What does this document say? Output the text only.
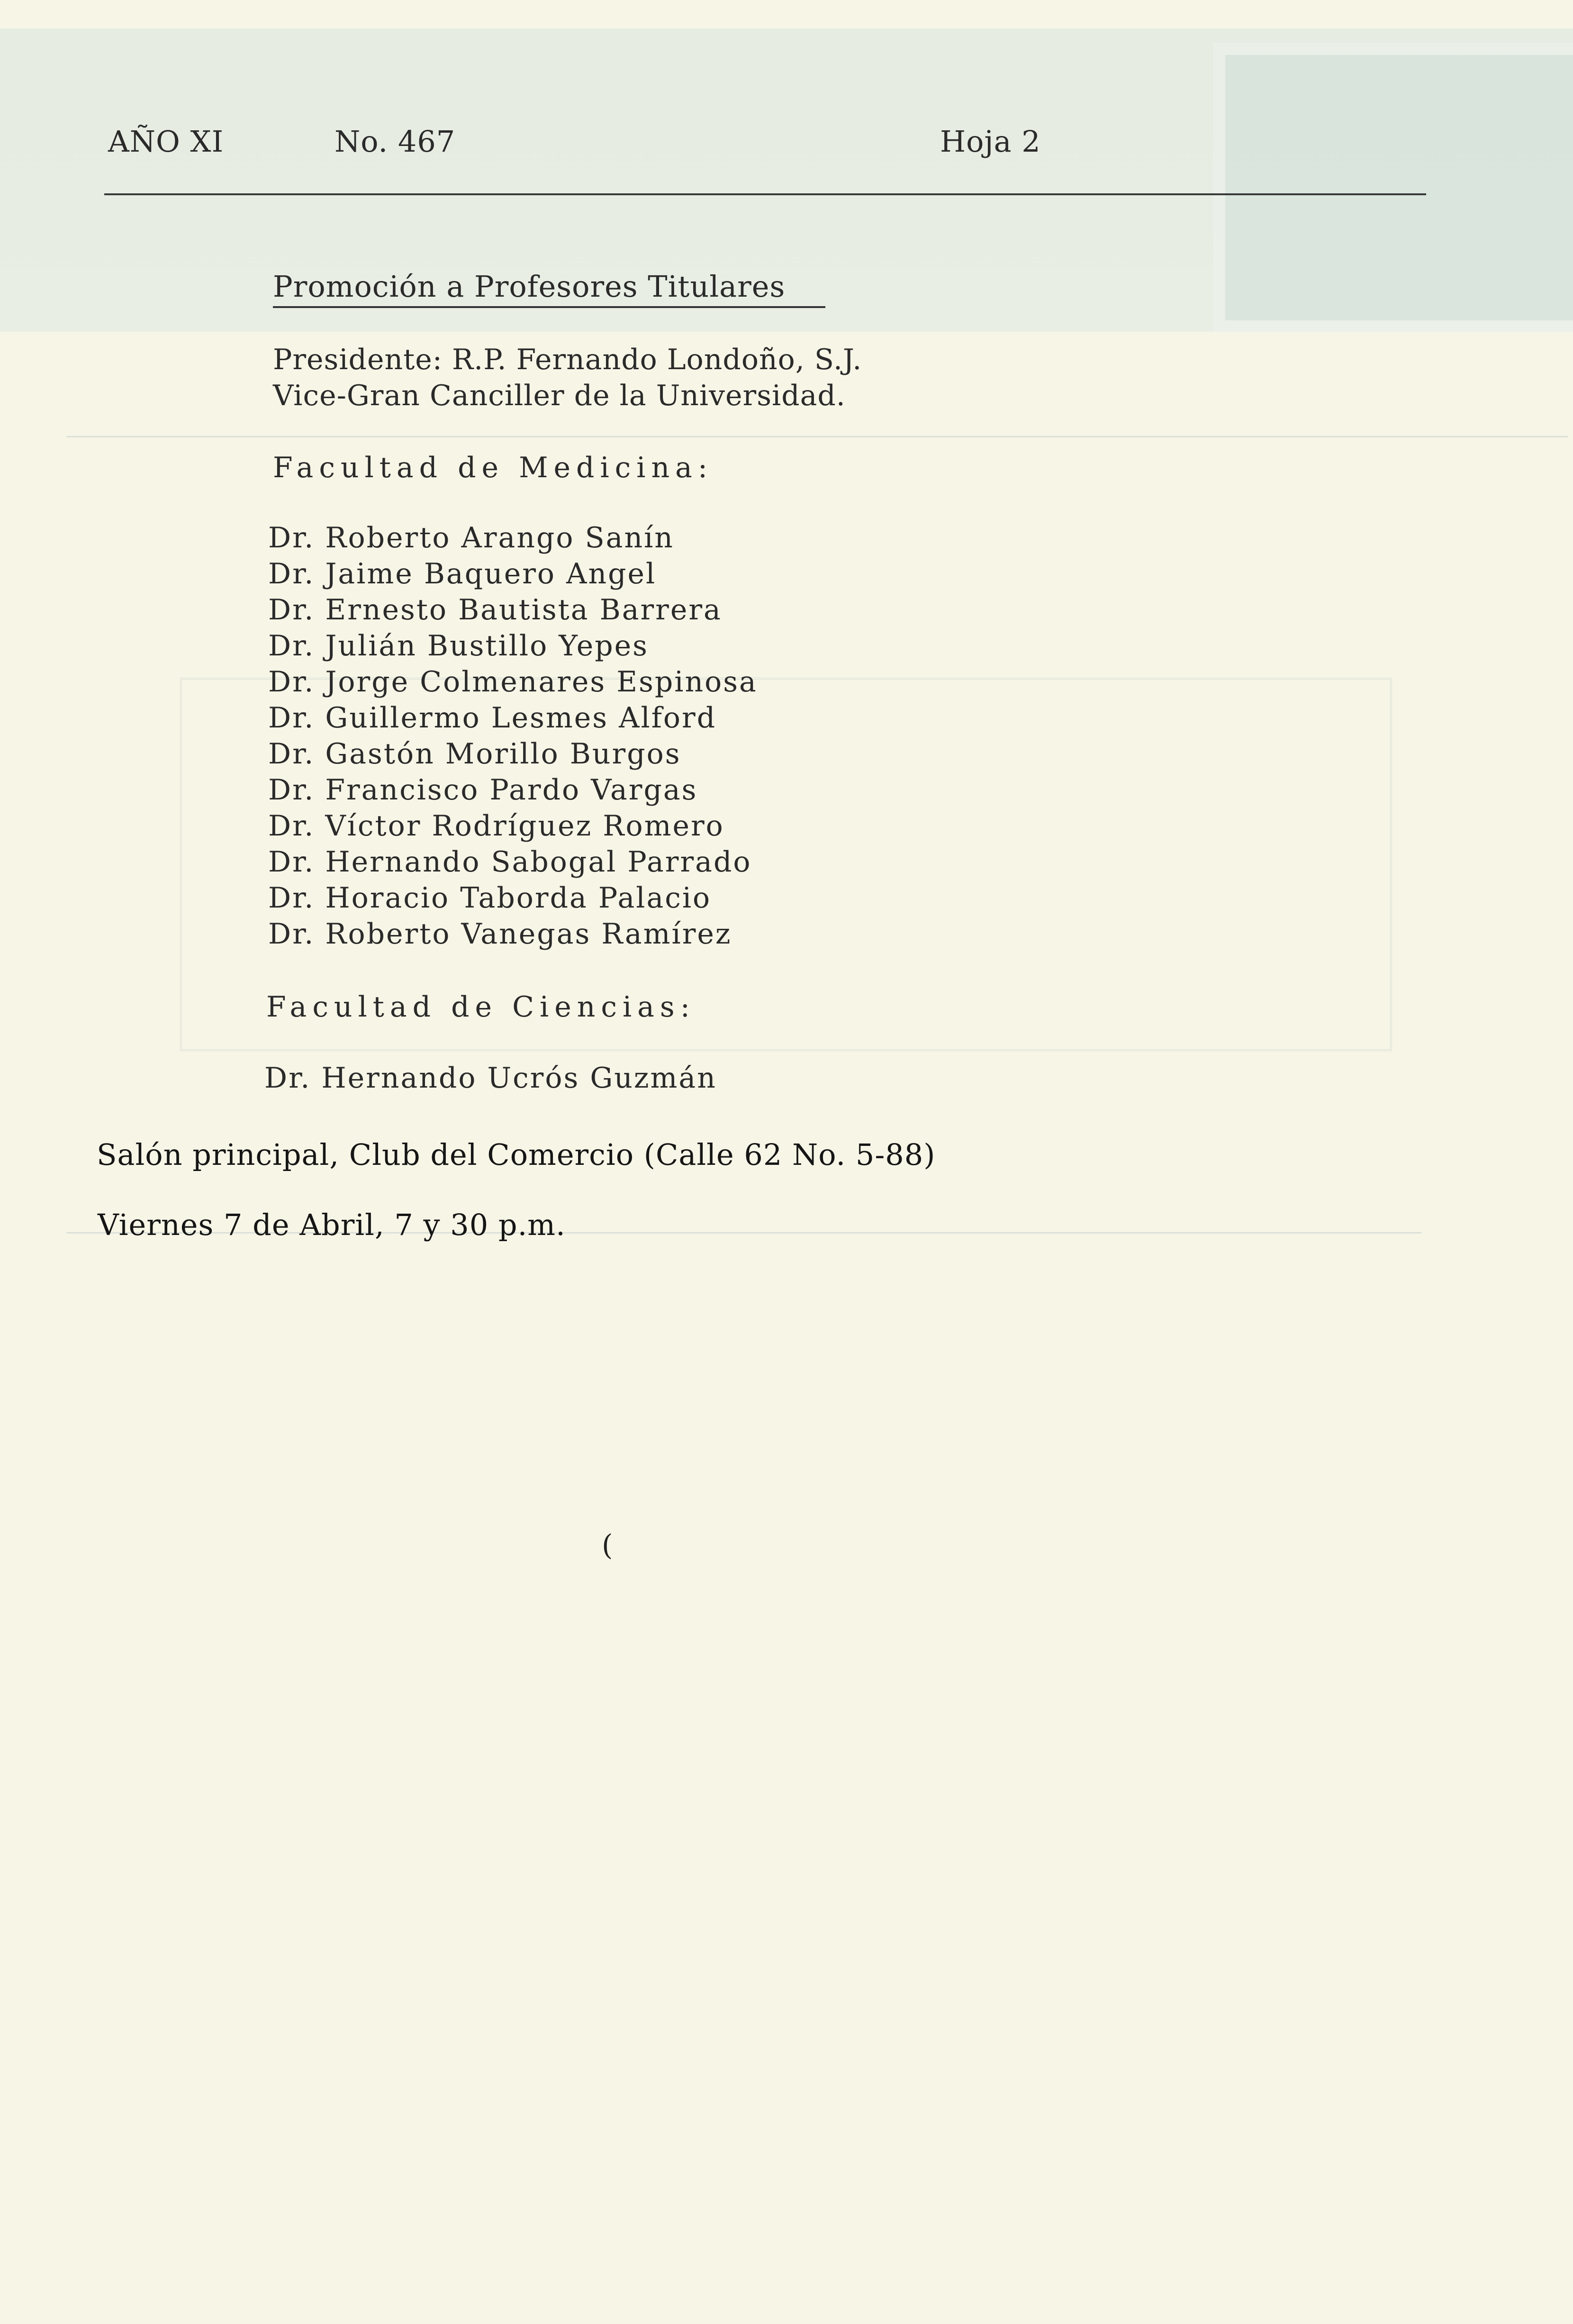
AÑO XI	No. 467	Hoja 2
Promoción a Profesores Titulares
Presidente: R.P. Fernando Londoño, S.J.
Vice-Gran Canciller de la Universidad.
Facultad de Medicina:
Dr. Roberto Arango Sanín
Dr. Jaime Baquero Angel
Dr. Ernesto Bautista Barrera
Dr. Julián Bustillo Yepes
Dr. Jorge Colmenares Espinosa
Dr. Guillermo Lesmes Alford
Dr. Gastón Morillo Burgos
Dr. Francisco Pardo Vargas
Dr. Víctor Rodríguez Romero
Dr. Hernando Sabogal Parrado
Dr. Horacio Taborda Palacio
Dr. Roberto Vanegas Ramírez
Facultad de Ciencias:
Dr. Hernando Ucrós Guzmán
Salón principal, Club del Comercio (Calle 62 No. 5-88)
Viernes 7 de Abril, 7 y 30 p.m.
(
